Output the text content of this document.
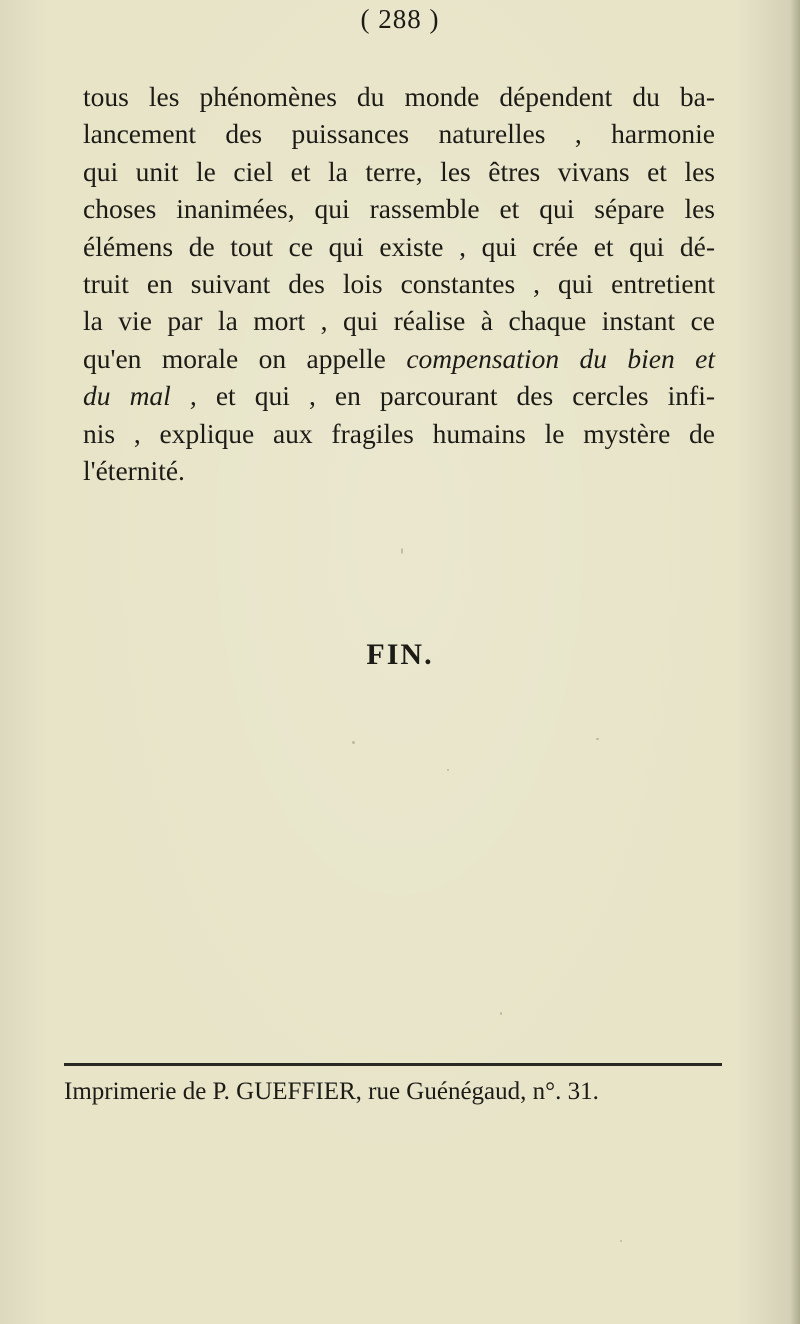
( 288 )
tous les phénomènes du monde dépendent du ba-
lancement des puissances naturelles , harmonie
qui unit le ciel et la terre, les êtres vivans et les
choses inanimées, qui rassemble et qui sépare les
élémens de tout ce qui existe , qui crée et qui dé-
truit en suivant des lois constantes , qui entretient
la vie par la mort , qui réalise à chaque instant ce
qu'en morale on appelle compensation du bien et
du mal , et qui , en parcourant des cercles infi-
nis , explique aux fragiles humains le mystère de
l'éternité.
FIN.
Imprimerie de P. GUEFFIER, rue Guénégaud, n°. 31.
